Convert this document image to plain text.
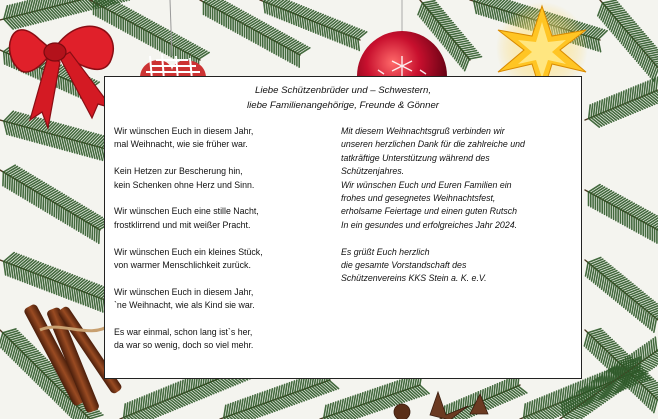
Liebe Schützenbrüder und – Schwestern,
liebe Familienangehörige, Freunde & Gönner

Wir wünschen Euch in diesem Jahr,
mal Weihnacht, wie sie früher war.

Kein Hetzen zur Bescherung hin,
kein Schenken ohne Herz und Sinn.

Wir wünschen Euch eine stille Nacht,
frostklirrend und mit weißer Pracht.

Wir wünschen Euch ein kleines Stück,
von warmer Menschlichkeit zurück.

Wir wünschen Euch in diesem Jahr,
`ne Weihnacht, wie als Kind sie war.

Es war einmal, schon lang ist`s her,
da war so wenig, doch so viel mehr.

Mit diesem Weihnachtsgruß verbinden wir
unseren herzlichen Dank für die zahlreiche und
tatkräftige Unterstützung während des
Schützenjahres.
Wir wünschen Euch und Euren Familien ein
frohes und gesegnetes Weihnachtsfest,
erholsame Feiertage und einen guten Rutsch
In ein gesundes und erfolgreiches Jahr 2024.

Es grüßt Euch herzlich
die gesamte Vorstandschaft des
Schützenvereins KKS Stein a. K. e.V.
